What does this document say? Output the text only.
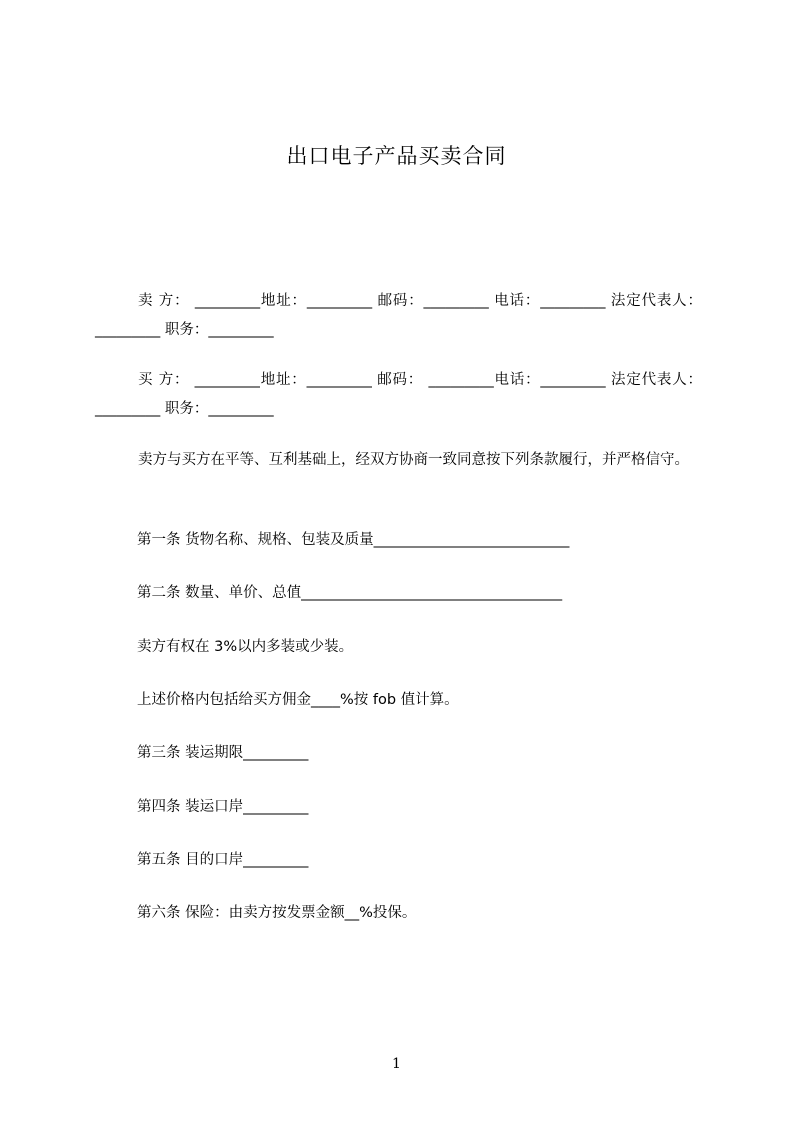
出口电子产品买卖合同
卖 方： _________地址：_________ 邮码：_________ 电话：_________ 法定代表人：_________ 职务：_________
买 方： _________地址：_________ 邮码： _________电话：_________ 法定代表人：_________ 职务：_________
卖方与买方在平等、互利基础上，经双方协商一致同意按下列条款履行，并严格信守。
第一条 货物名称、规格、包装及质量___________________________
第二条 数量、单价、总值____________________________________
卖方有权在 3%以内多装或少装。
上述价格内包括给买方佣金____%按 fob 值计算。
第三条 装运期限_________
第四条 装运口岸_________
第五条 目的口岸_________
第六条 保险：由卖方按发票金额__%投保。
1
